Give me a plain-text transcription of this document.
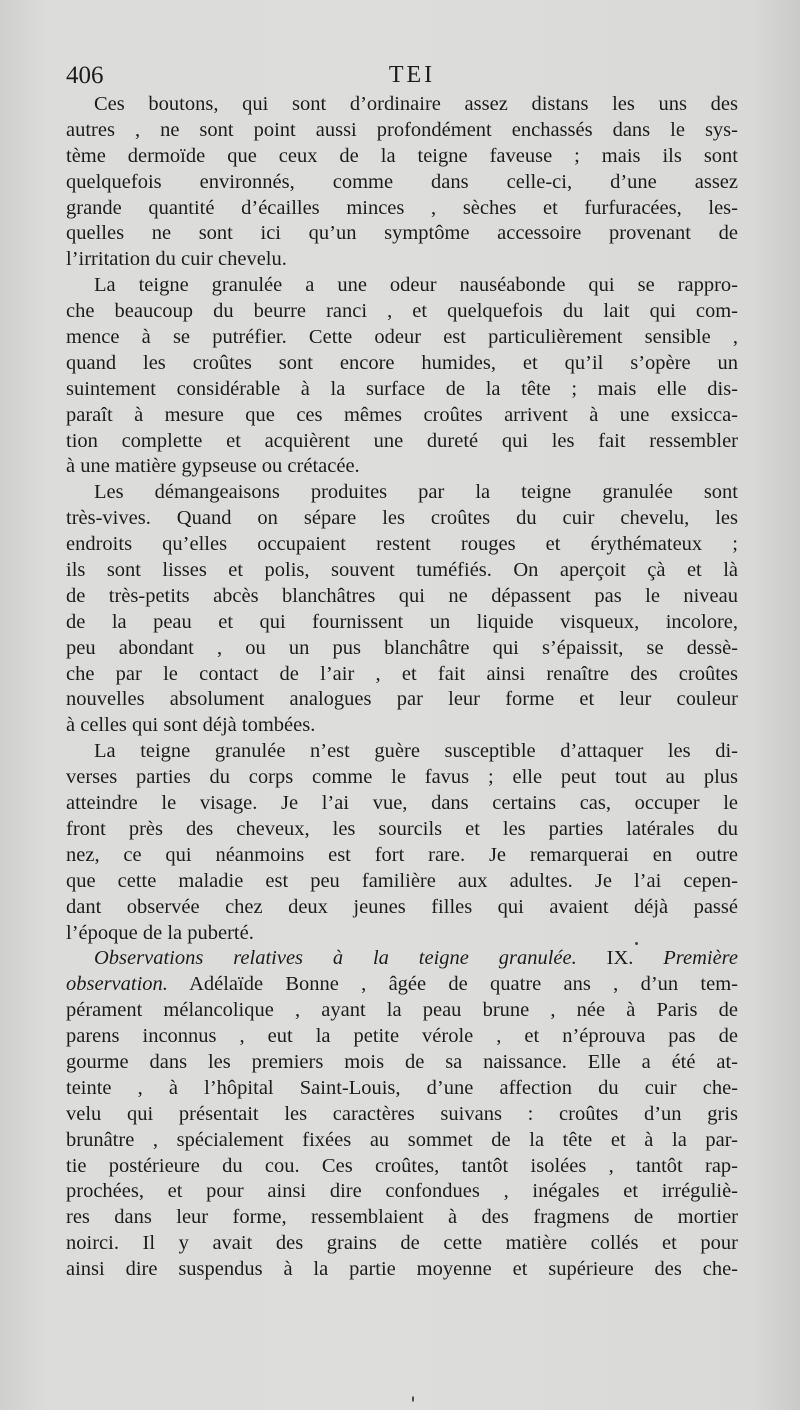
406	TEI

Ces boutons, qui sont d’ordinaire assez distans les uns des
autres , ne sont point aussi profondément enchassés dans le sys-
tème dermoïde que ceux de la teigne faveuse ; mais ils sont
quelquefois environnés, comme dans celle-ci, d’une assez
grande quantité d’écailles minces , sèches et furfuracées, les-
quelles ne sont ici qu’un symptôme accessoire provenant de
l’irritation du cuir chevelu.

La teigne granulée a une odeur nauséabonde qui se rappro-
che beaucoup du beurre ranci , et quelquefois du lait qui com-
mence à se putréfier. Cette odeur est particulièrement sensible ,
quand les croûtes sont encore humides, et qu’il s’opère un
suintement considérable à la surface de la tête ; mais elle dis-
paraît à mesure que ces mêmes croûtes arrivent à une exsicca-
tion complette et acquièrent une dureté qui les fait ressembler
à une matière gypseuse ou crétacée.

Les démangeaisons produites par la teigne granulée sont
très-vives. Quand on sépare les croûtes du cuir chevelu, les
endroits qu’elles occupaient restent rouges et érythémateux ;
ils sont lisses et polis, souvent tuméfiés. On aperçoit çà et là
de très-petits abcès blanchâtres qui ne dépassent pas le niveau
de la peau et qui fournissent un liquide visqueux, incolore,
peu abondant , ou un pus blanchâtre qui s’épaissit, se dessè-
che par le contact de l’air , et fait ainsi renaître des croûtes
nouvelles absolument analogues par leur forme et leur couleur
à celles qui sont déjà tombées.

La teigne granulée n’est guère susceptible d’attaquer les di-
verses parties du corps comme le favus ; elle peut tout au plus
atteindre le visage. Je l’ai vue, dans certains cas, occuper le
front près des cheveux, les sourcils et les parties latérales du
nez, ce qui néanmoins est fort rare. Je remarquerai en outre
que cette maladie est peu familière aux adultes. Je l’ai cepen-
dant observée chez deux jeunes filles qui avaient déjà passé
l’époque de la puberté.

Observations relatives à la teigne granulée. IX. Première
observation. Adélaïde Bonne , âgée de quatre ans , d’un tem-
pérament mélancolique , ayant la peau brune , née à Paris de
parens inconnus , eut la petite vérole , et n’éprouva pas de
gourme dans les premiers mois de sa naissance. Elle a été at-
teinte , à l’hôpital Saint-Louis, d’une affection du cuir che-
velu qui présentait les caractères suivans : croûtes d’un gris
brunâtre , spécialement fixées au sommet de la tête et à la par-
tie postérieure du cou. Ces croûtes, tantôt isolées , tantôt rap-
prochées, et pour ainsi dire confondues , inégales et irréguliè-
res dans leur forme, ressemblaient à des fragmens de mortier
noirci. Il y avait des grains de cette matière collés et pour
ainsi dire suspendus à la partie moyenne et supérieure des che-
